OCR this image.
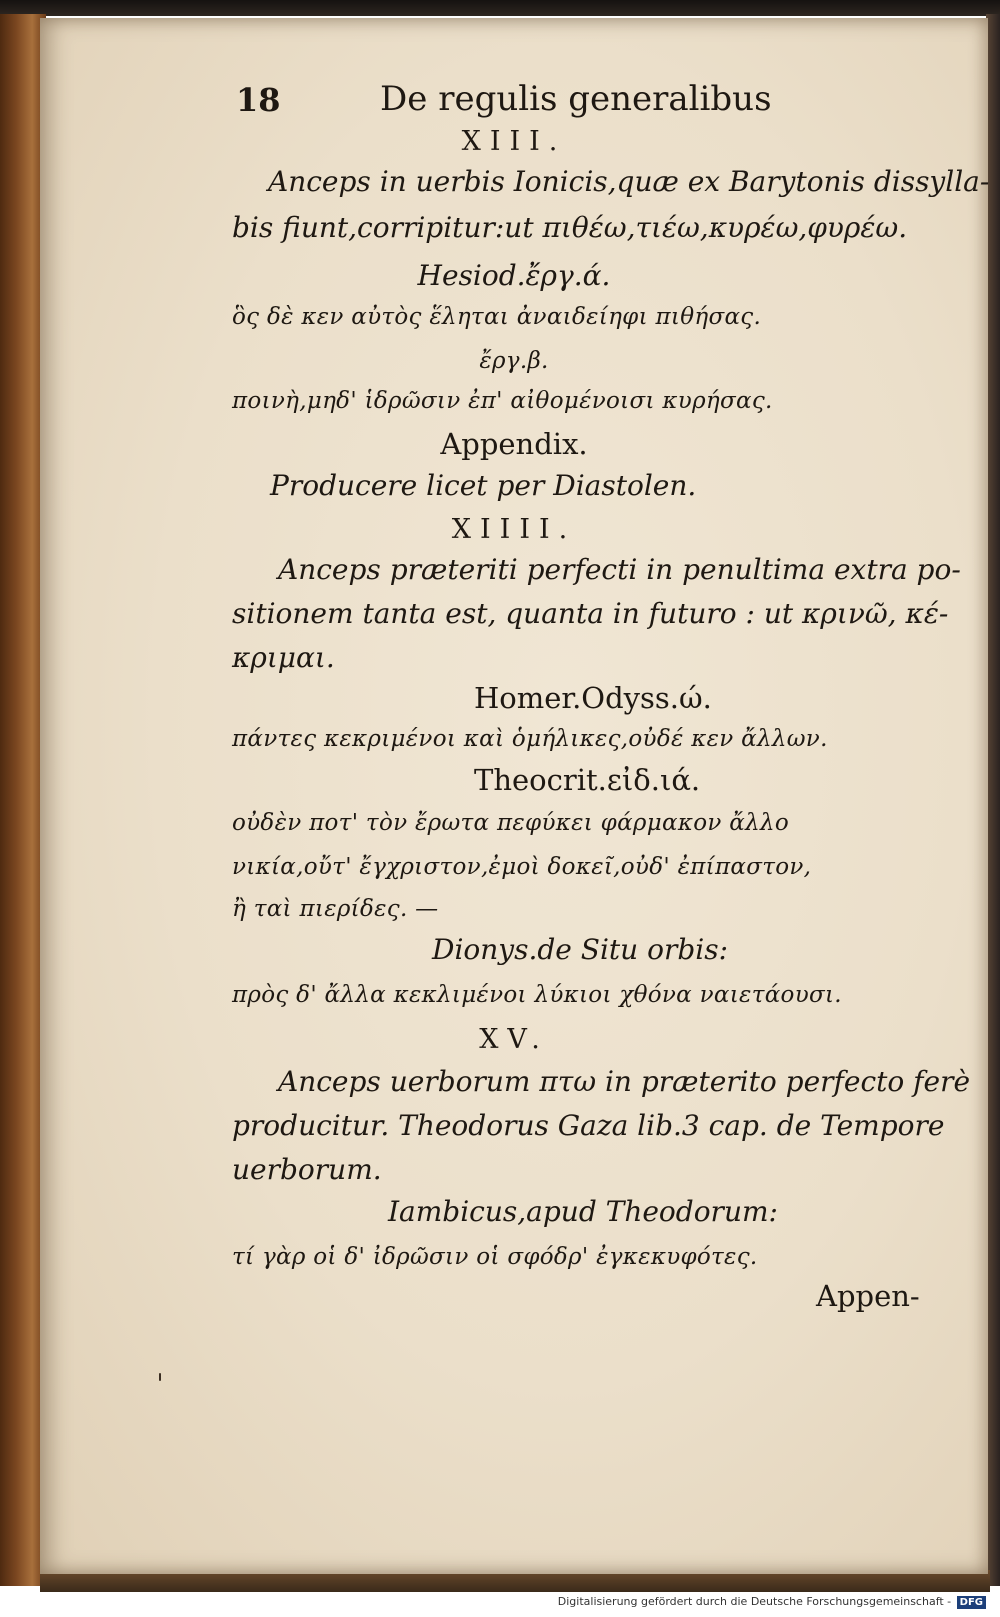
18	De regulis generalibus
XIII.
Anceps in uerbis Ionicis,quæ ex Barytonis dissylla-
bis fiunt,corripitur:ut πιθέω,τιέω,κυρέω,φυρέω.
Hesiod.ἔργ.ά.
ὃς δὲ κεν αὐτὸς ἕληται ἀναιδείηφι πιθήσας.
ἔργ.β.
ποινὴ,μηδ' ἱδρῶσιν ἐπ' αἰθομένοισι κυρήσας.
Appendix.
Producere licet per Diastolen.
XIIII.
Anceps præteriti perfecti in penultima extra po-
sitionem tanta est, quanta in futuro : ut κρινῶ, κέ-
κριμαι.
Homer.Odyss.ώ.
πάντες κεκριμένοι καὶ ὁμήλικες,οὐδέ κεν ἄλλων.
Theocrit.εἰδ.ιά.
οὐδὲν ποτ' τὸν ἔρωτα πεφύκει φάρμακον ἄλλο
νικία,οὔτ' ἔγχριστον,ἐμοὶ δοκεῖ,οὐδ' ἐπίπαστον,
ἢ ταὶ πιερίδες. —
Dionys.de Situ orbis:
πρὸς δ' ἄλλα κεκλιμένοι λύκιοι χθόνα ναιετάουσι.
XV.
Anceps uerborum πτω in præterito perfecto ferè
producitur. Theodorus Gaza lib.3 cap. de Tempore
uerborum.
Iambicus,apud Theodorum:
τί γὰρ οἱ δ' ἰδρῶσιν οἱ σφόδρ' ἐγκεκυφότες.
Appen-
Digitalisierung gefördert durch die Deutsche Forschungsgemeinschaft - DFG
